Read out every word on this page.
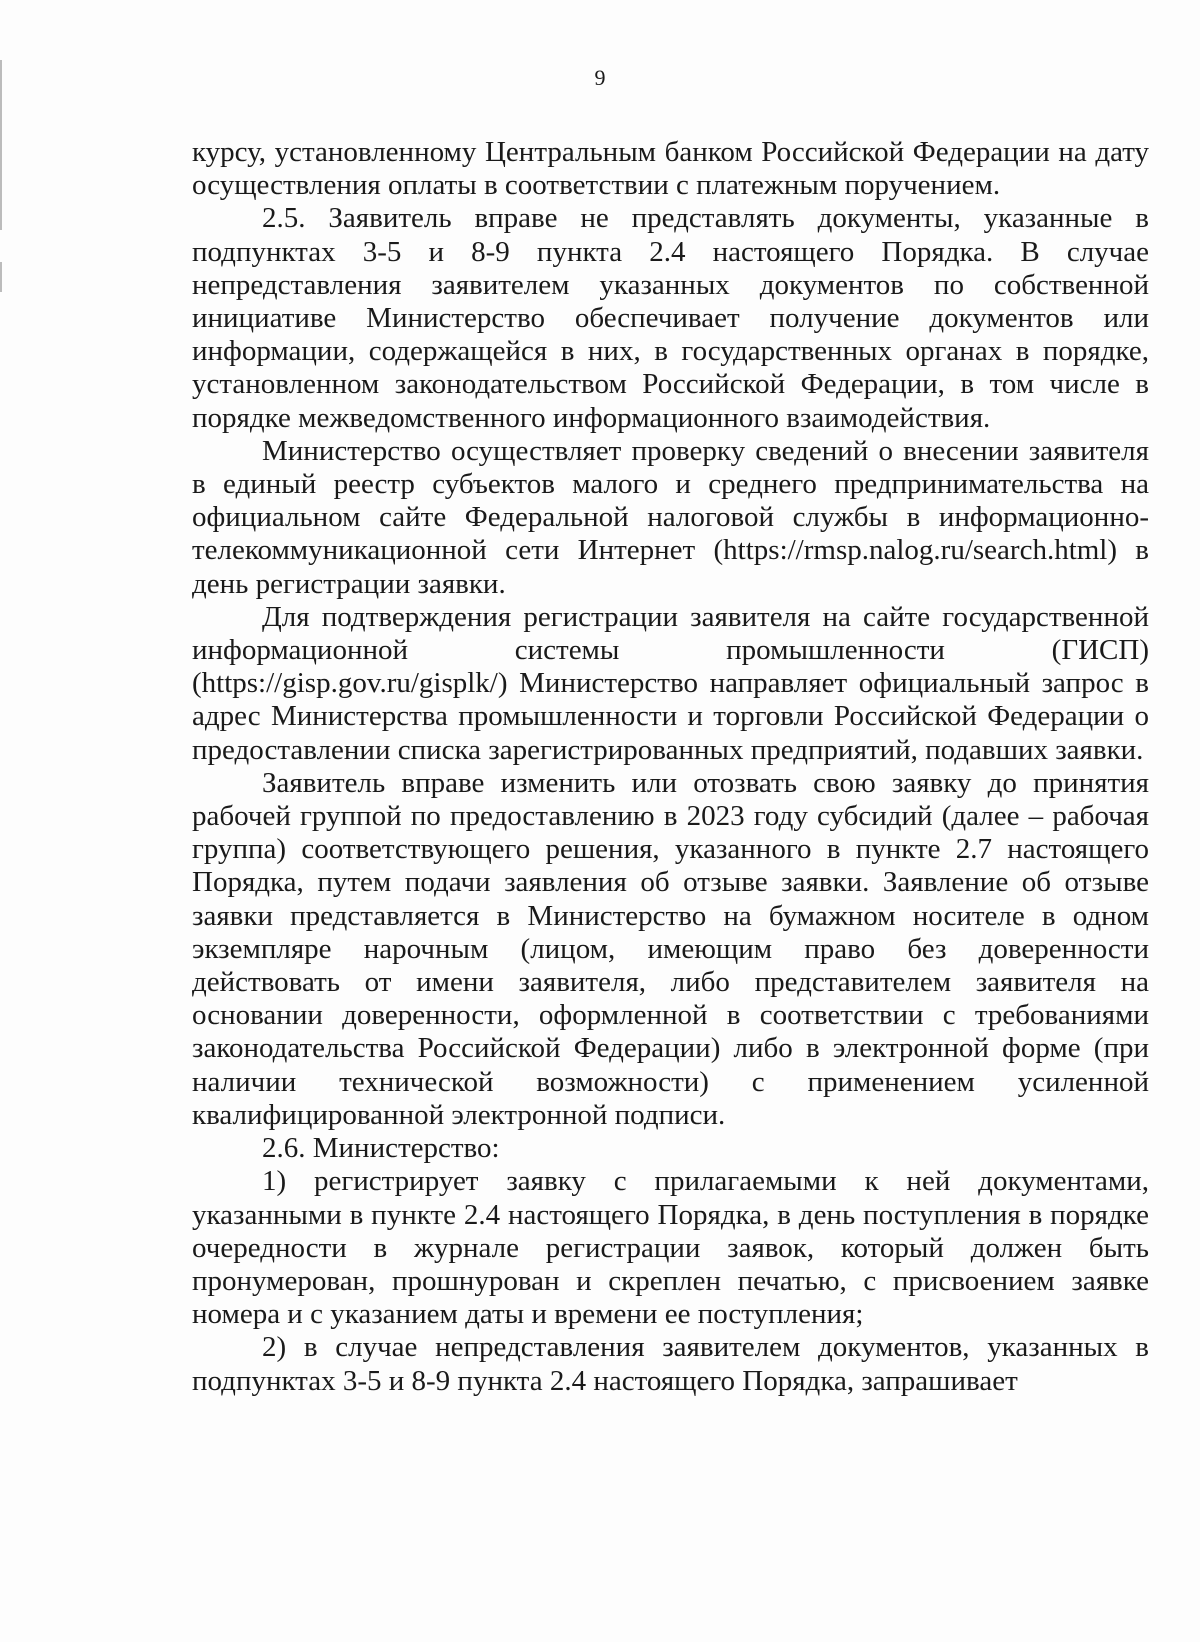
9

курсу, установленному Центральным банком Российской Федерации на дату осуществления оплаты в соответствии с платежным поручением.

2.5. Заявитель вправе не представлять документы, указанные в подпунктах 3-5 и 8-9 пункта 2.4 настоящего Порядка. В случае непредставления заявителем указанных документов по собственной инициативе Министерство обеспечивает получение документов или информации, содержащейся в них, в государственных органах в порядке, установленном законодательством Российской Федерации, в том числе в порядке межведомственного информационного взаимодействия.

Министерство осуществляет проверку сведений о внесении заявителя в единый реестр субъектов малого и среднего предпринимательства на официальном сайте Федеральной налоговой службы в информационно-телекоммуникационной сети Интернет (https://rmsp.nalog.ru/search.html) в день регистрации заявки.

Для подтверждения регистрации заявителя на сайте государственной информационной системы промышленности (ГИСП) (https://gisp.gov.ru/gisplk/) Министерство направляет официальный запрос в адрес Министерства промышленности и торговли Российской Федерации о предоставлении списка зарегистрированных предприятий, подавших заявки.

Заявитель вправе изменить или отозвать свою заявку до принятия рабочей группой по предоставлению в 2023 году субсидий (далее – рабочая группа) соответствующего решения, указанного в пункте 2.7 настоящего Порядка, путем подачи заявления об отзыве заявки. Заявление об отзыве заявки представляется в Министерство на бумажном носителе в одном экземпляре нарочным (лицом, имеющим право без доверенности действовать от имени заявителя, либо представителем заявителя на основании доверенности, оформленной в соответствии с требованиями законодательства Российской Федерации) либо в электронной форме (при наличии технической возможности) с применением усиленной квалифицированной электронной подписи.

2.6. Министерство:

1) регистрирует заявку с прилагаемыми к ней документами, указанными в пункте 2.4 настоящего Порядка, в день поступления в порядке очередности в журнале регистрации заявок, который должен быть пронумерован, прошнурован и скреплен печатью, с присвоением заявке номера и с указанием даты и времени ее поступления;

2) в случае непредставления заявителем документов, указанных в подпунктах 3-5 и 8-9 пункта 2.4 настоящего Порядка, запрашивает
